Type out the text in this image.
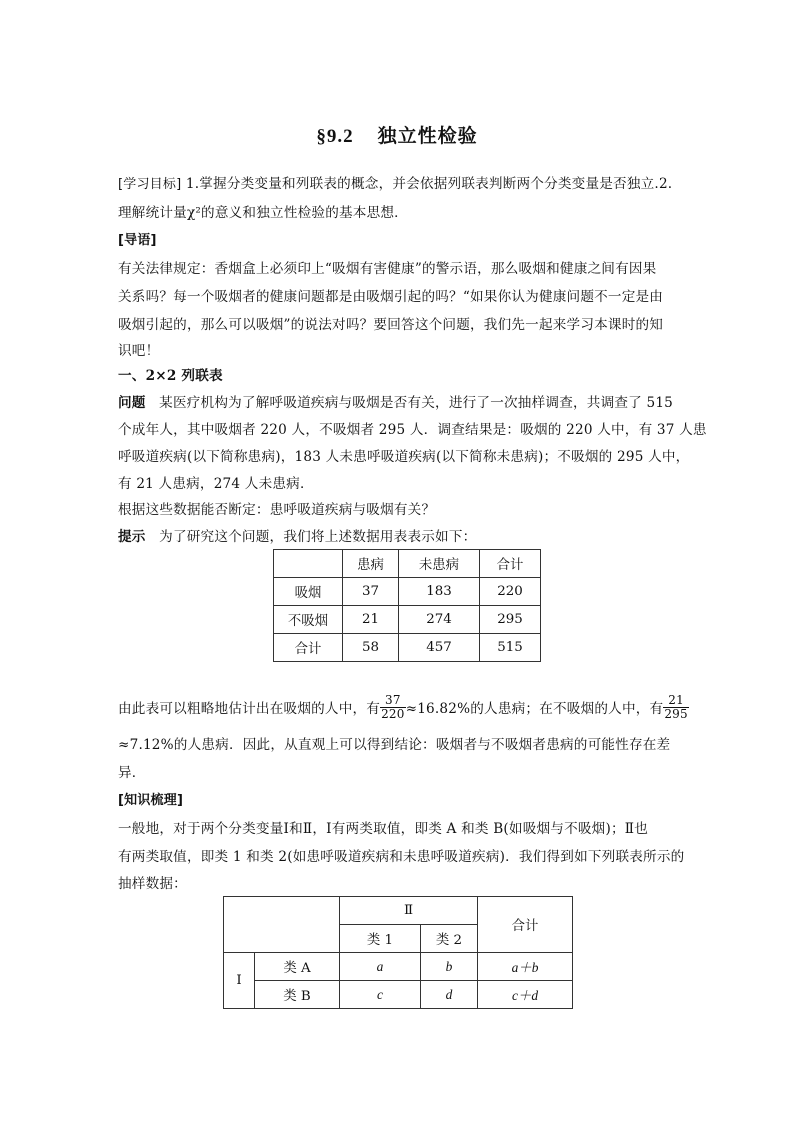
§9.2 独立性检验
[学习目标] 1.掌握分类变量和列联表的概念，并会依据列联表判断两个分类变量是否独立.2.
理解统计量χ²的意义和独立性检验的基本思想．
[导语]
有关法律规定：香烟盒上必须印上“吸烟有害健康”的警示语，那么吸烟和健康之间有因果
关系吗？每一个吸烟者的健康问题都是由吸烟引起的吗？“如果你认为健康问题不一定是由
吸烟引起的，那么可以吸烟”的说法对吗？要回答这个问题，我们先一起来学习本课时的知
识吧！
一、2×2 列联表
问题 某医疗机构为了解呼吸道疾病与吸烟是否有关，进行了一次抽样调查，共调查了 515
个成年人，其中吸烟者 220 人，不吸烟者 295 人．调查结果是：吸烟的 220 人中，有 37 人患
呼吸道疾病(以下简称患病)，183 人未患呼吸道疾病(以下简称未患病)；不吸烟的 295 人中，
有 21 人患病，274 人未患病．
根据这些数据能否断定：患呼吸道疾病与吸烟有关？
提示 为了研究这个问题，我们将上述数据用表表示如下：
	患病	未患病	合计
吸烟	37	183	220
不吸烟	21	274	295
合计	58	457	515
由此表可以粗略地估计出在吸烟的人中，有 $\frac{37}{220} \approx 16.82\%$的人患病；在不吸烟的人中，有 $\frac{21}{295}$
≈7.12%的人患病．因此，从直观上可以得到结论：吸烟者与不吸烟者患病的可能性存在差
异．
[知识梳理]
一般地，对于两个分类变量Ⅰ和Ⅱ，Ⅰ有两类取值，即类 A 和类 B(如吸烟与不吸烟)；Ⅱ也
有两类取值，即类 1 和类 2(如患呼吸道疾病和未患呼吸道疾病)．我们得到如下列联表所示的
抽样数据：
		Ⅱ		合计
		类 1	类 2	
Ⅰ	类 A	a	b	a＋b
	类 B	c	d	c＋d
